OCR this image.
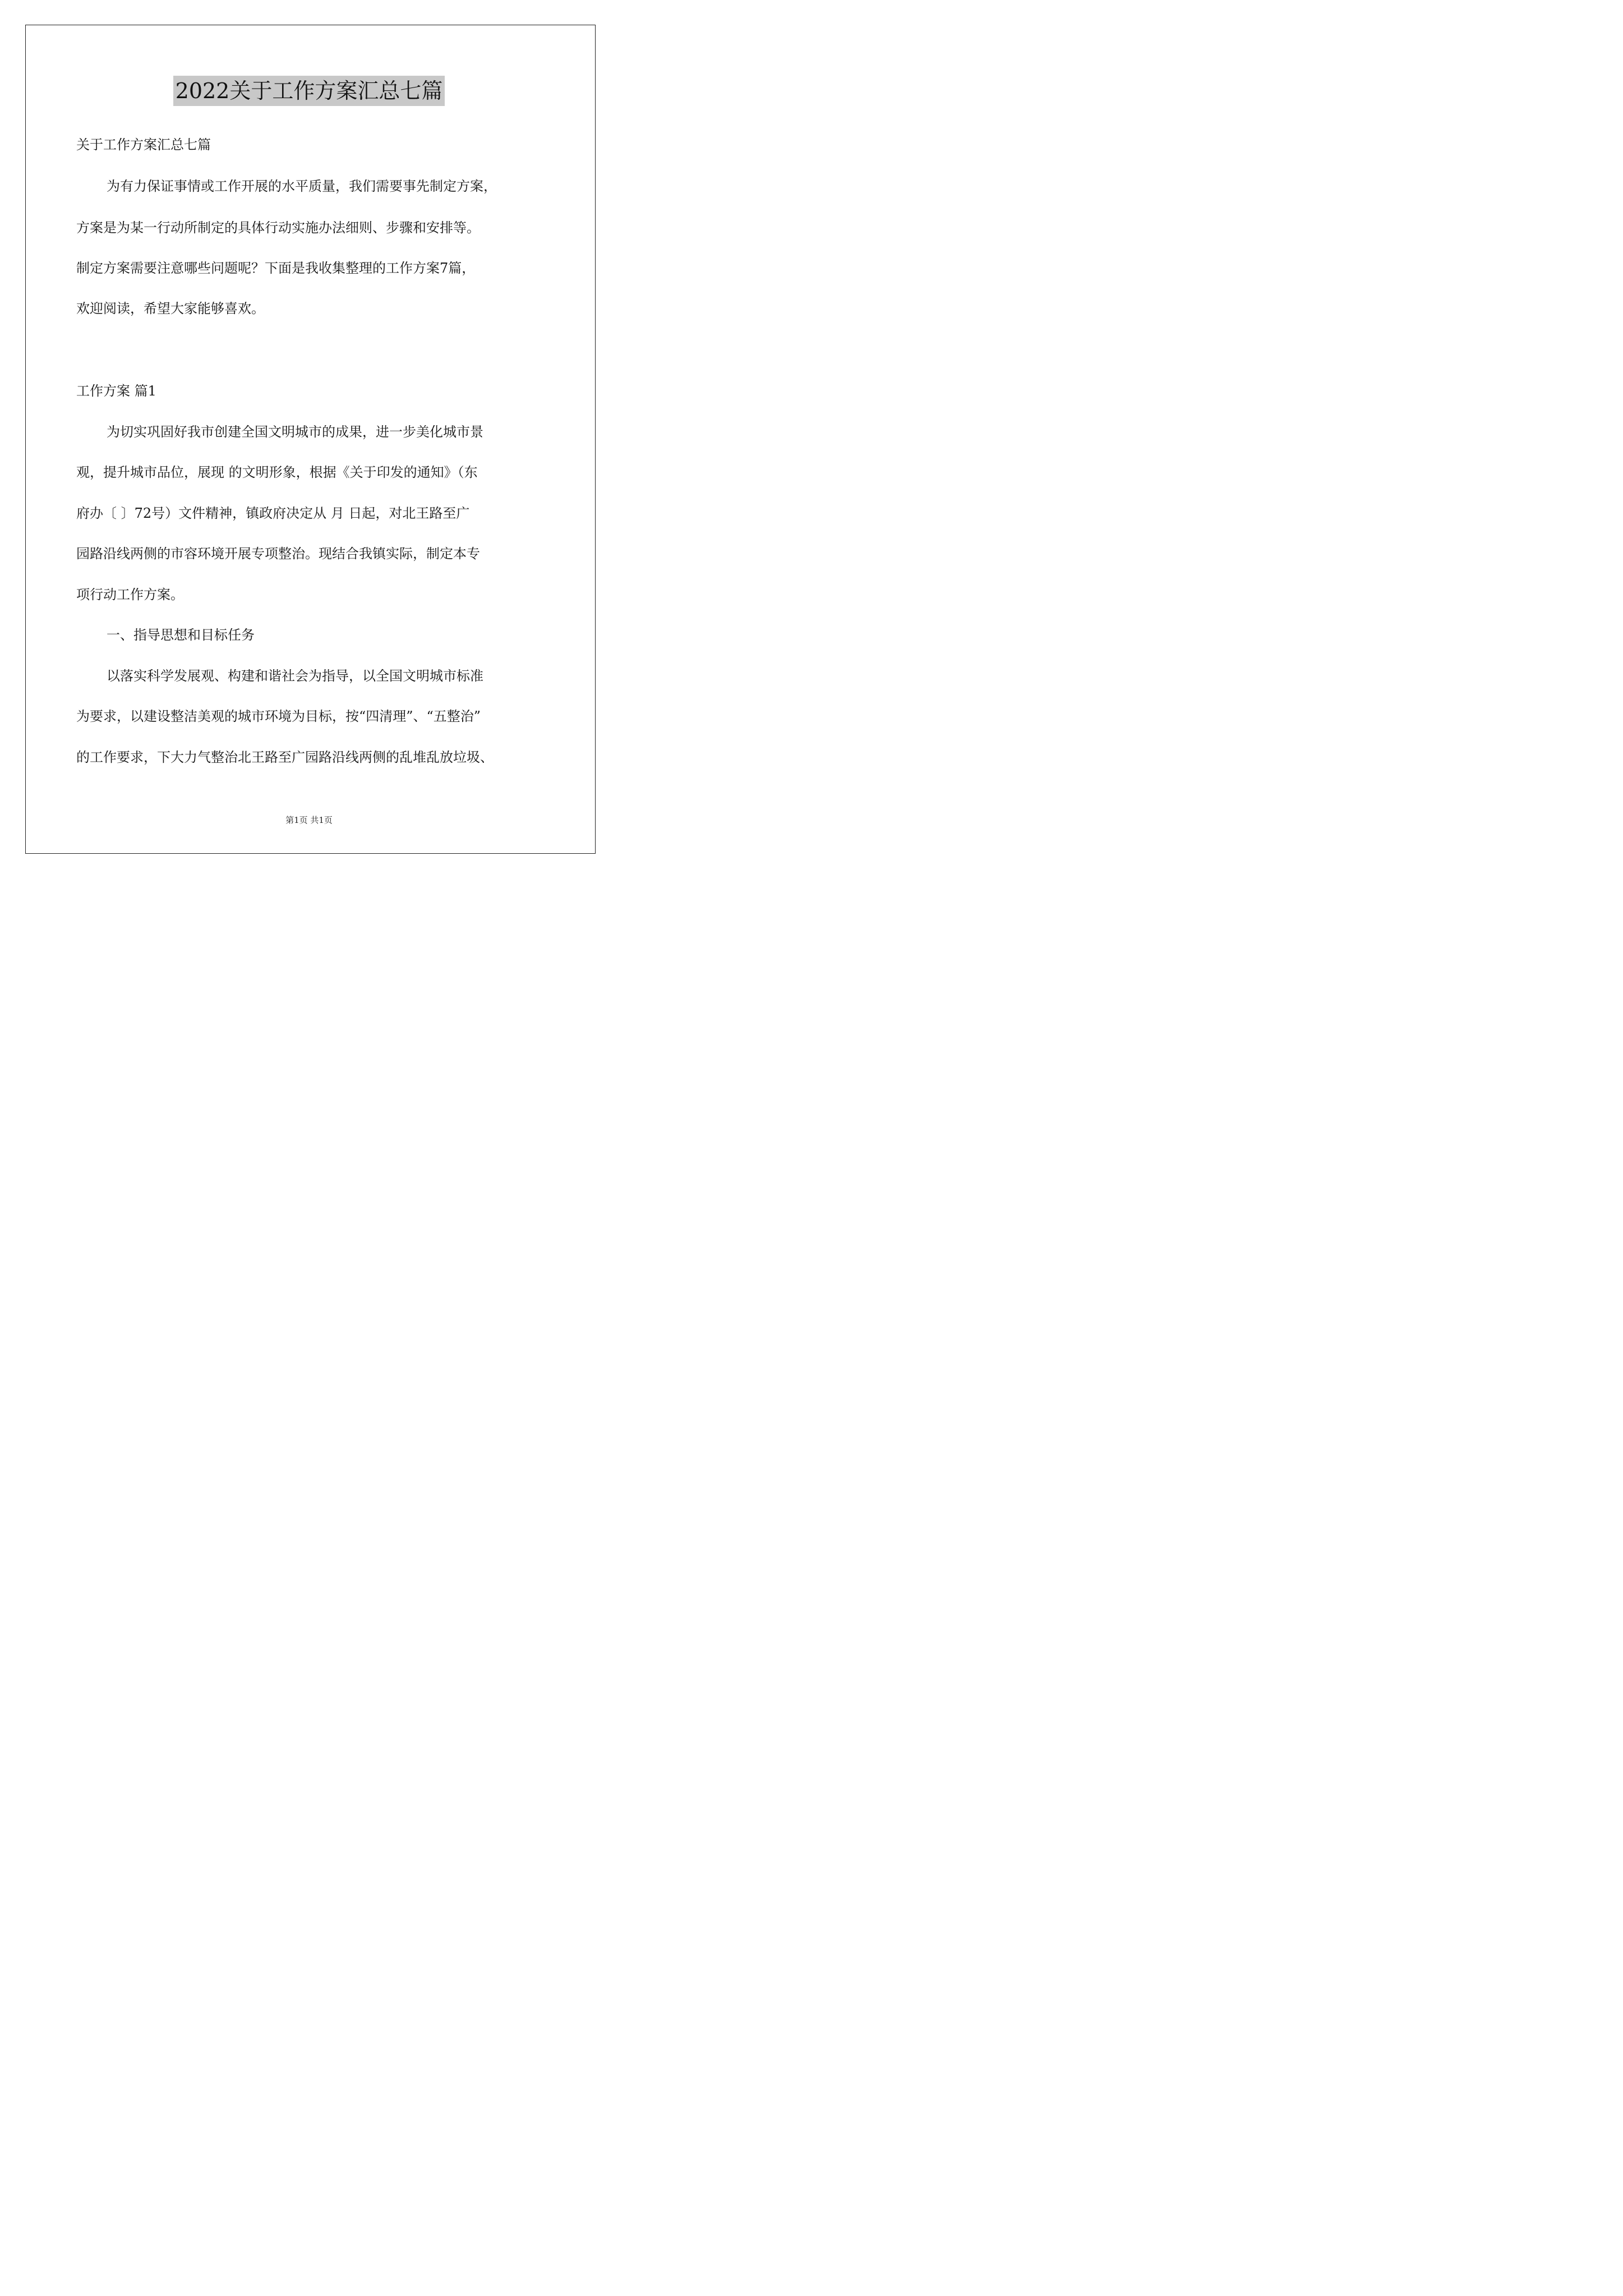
2022关于工作方案汇总七篇
关于工作方案汇总七篇
为有力保证事情或工作开展的水平质量，我们需要事先制定方案，
方案是为某一行动所制定的具体行动实施办法细则、步骤和安排等。
制定方案需要注意哪些问题呢？下面是我收集整理的工作方案7篇，
欢迎阅读，希望大家能够喜欢。
工作方案 篇1
为切实巩固好我市创建全国文明城市的成果，进一步美化城市景
观，提升城市品位，展现 的文明形象，根据《关于印发的通知》（东
府办〔 〕72号）文件精神，镇政府决定从 月 日起，对北王路至广
园路沿线两侧的市容环境开展专项整治。现结合我镇实际，制定本专
项行动工作方案。
一、指导思想和目标任务
以落实科学发展观、构建和谐社会为指导，以全国文明城市标准
为要求，以建设整洁美观的城市环境为目标，按“四清理”、“五整治”
的工作要求，下大力气整治北王路至广园路沿线两侧的乱堆乱放垃圾、
第1页 共1页
